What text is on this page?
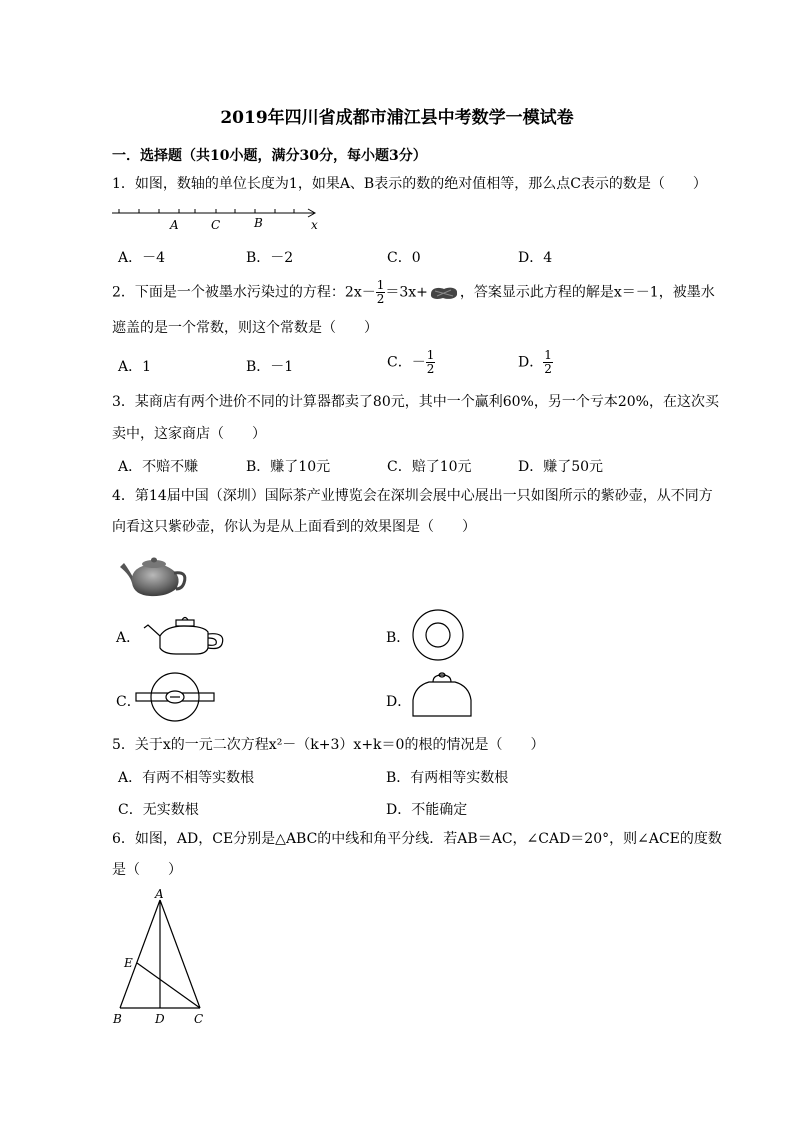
2019年四川省成都市浦江县中考数学一模试卷
一．选择题（共10小题，满分30分，每小题3分）
1．如图，数轴的单位长度为1，如果A、B表示的数的绝对值相等，那么点C表示的数是（　　）
A	C	B	x
A．－4	B．－2	C．0	D．4
2．下面是一个被墨水污染过的方程：$2x- \frac{1}{2} =3x+$ ，答案显示此方程的解是x＝－1，被墨水
遮盖的是一个常数，则这个常数是（　　）
A．1	B．－1	C．－ $\frac{1}{2}$	D． $\frac{1}{2}$
3．某商店有两个进价不同的计算器都卖了80元，其中一个赢利60%，另一个亏本20%，在这次买
卖中，这家商店（　　）
A．不赔不赚	B．赚了10元	C．赔了10元	D．赚了50元
4．第14届中国（深圳）国际茶产业博览会在深圳会展中心展出一只如图所示的紫砂壶，从不同方
向看这只紫砂壶，你认为是从上面看到的效果图是（　　）
A．	B．
C．	D．
5．关于x的一元二次方程x²－（k+3）x+k＝0的根的情况是（　　）
A．有两不相等实数根	B．有两相等实数根
C．无实数根	D．不能确定
6．如图，AD，CE分别是△ABC的中线和角平分线．若AB＝AC，∠CAD＝20°，则∠ACE的度数
是（　　）
A
E
B	D C
